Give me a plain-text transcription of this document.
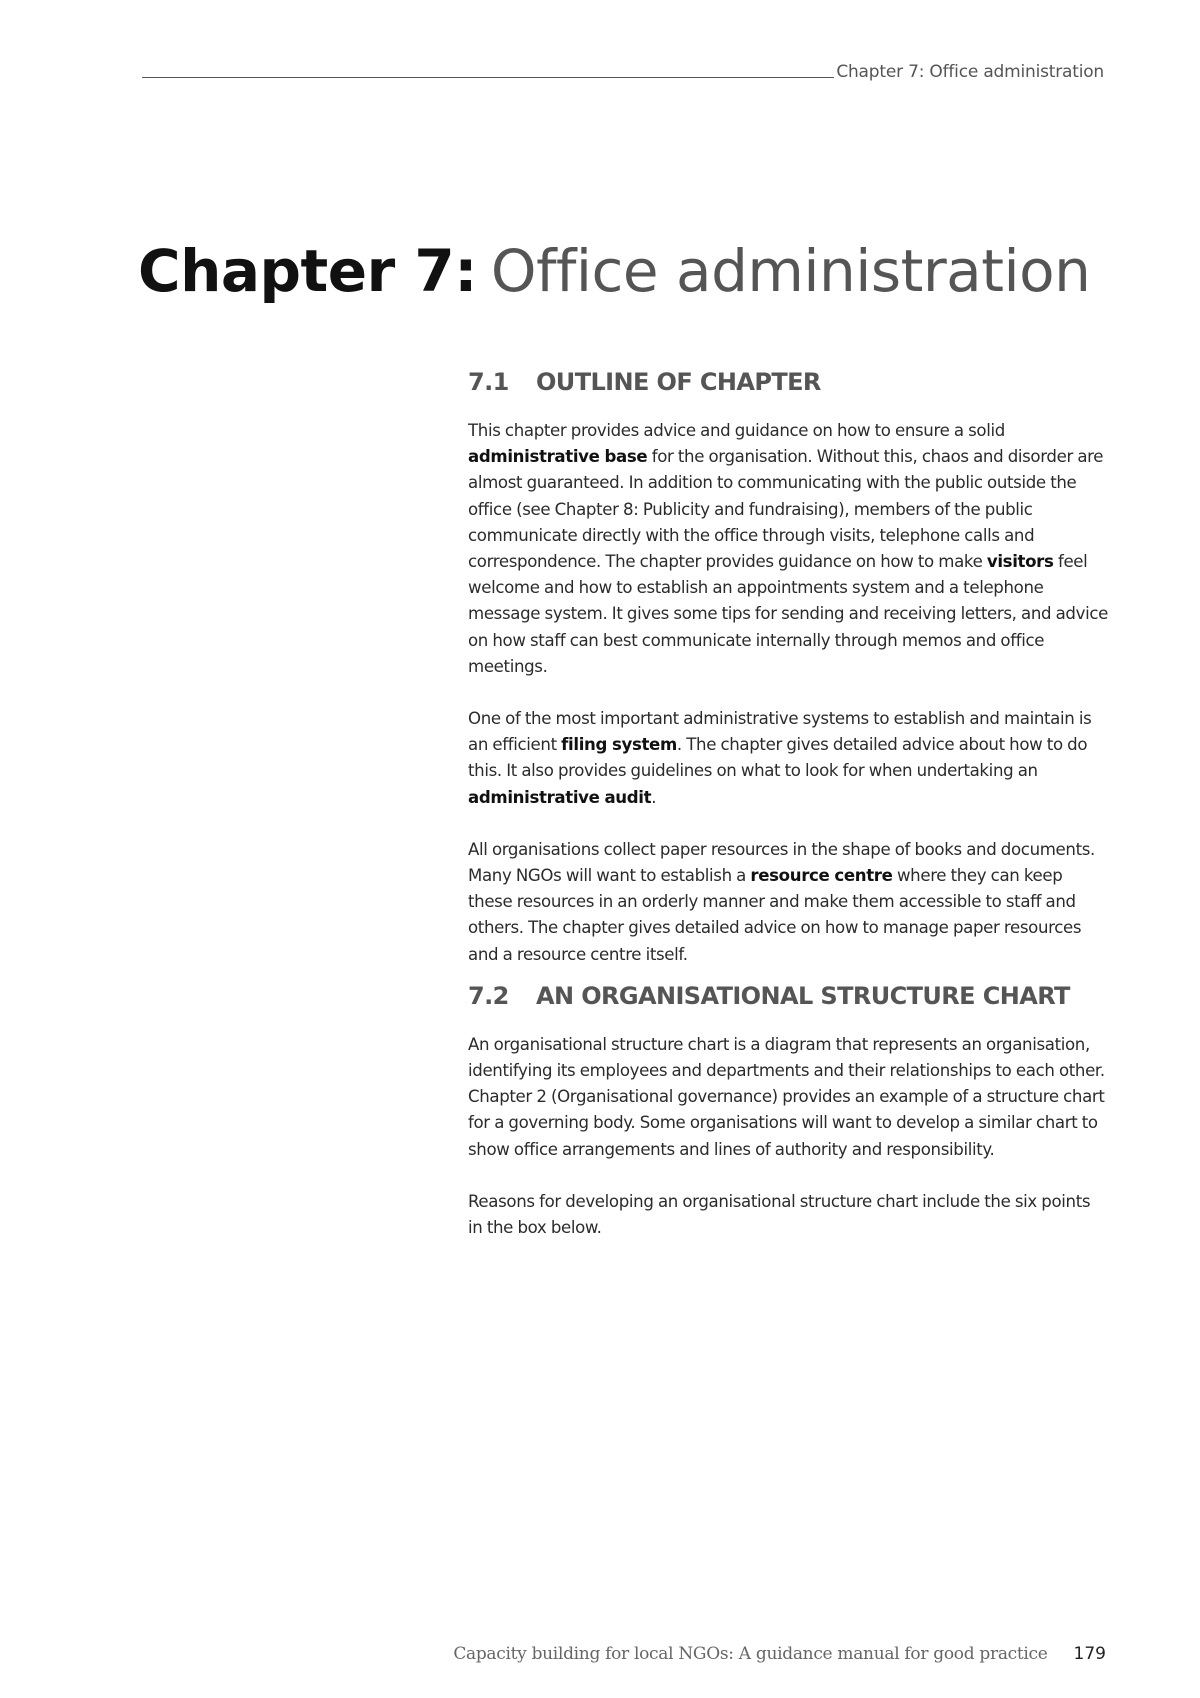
Chapter 7: Office administration
Chapter 7: Office administration
7.1 OUTLINE OF CHAPTER

This chapter provides advice and guidance on how to ensure a solid administrative base for the organisation. Without this, chaos and disorder are almost guaranteed. In addition to communicating with the public outside the office (see Chapter 8: Publicity and fundraising), members of the public communicate directly with the office through visits, telephone calls and correspondence. The chapter provides guidance on how to make visitors feel welcome and how to establish an appointments system and a telephone message system. It gives some tips for sending and receiving letters, and advice on how staff can best communicate internally through memos and office meetings.

One of the most important administrative systems to establish and maintain is an efficient filing system. The chapter gives detailed advice about how to do this. It also provides guidelines on what to look for when undertaking an administrative audit.

All organisations collect paper resources in the shape of books and documents. Many NGOs will want to establish a resource centre where they can keep these resources in an orderly manner and make them accessible to staff and others. The chapter gives detailed advice on how to manage paper resources and a resource centre itself.

7.2 AN ORGANISATIONAL STRUCTURE CHART

An organisational structure chart is a diagram that represents an organisation, identifying its employees and departments and their relationships to each other. Chapter 2 (Organisational governance) provides an example of a structure chart for a governing body. Some organisations will want to develop a similar chart to show office arrangements and lines of authority and responsibility.

Reasons for developing an organisational structure chart include the six points in the box below.

Capacity building for local NGOs: A guidance manual for good practice 179
